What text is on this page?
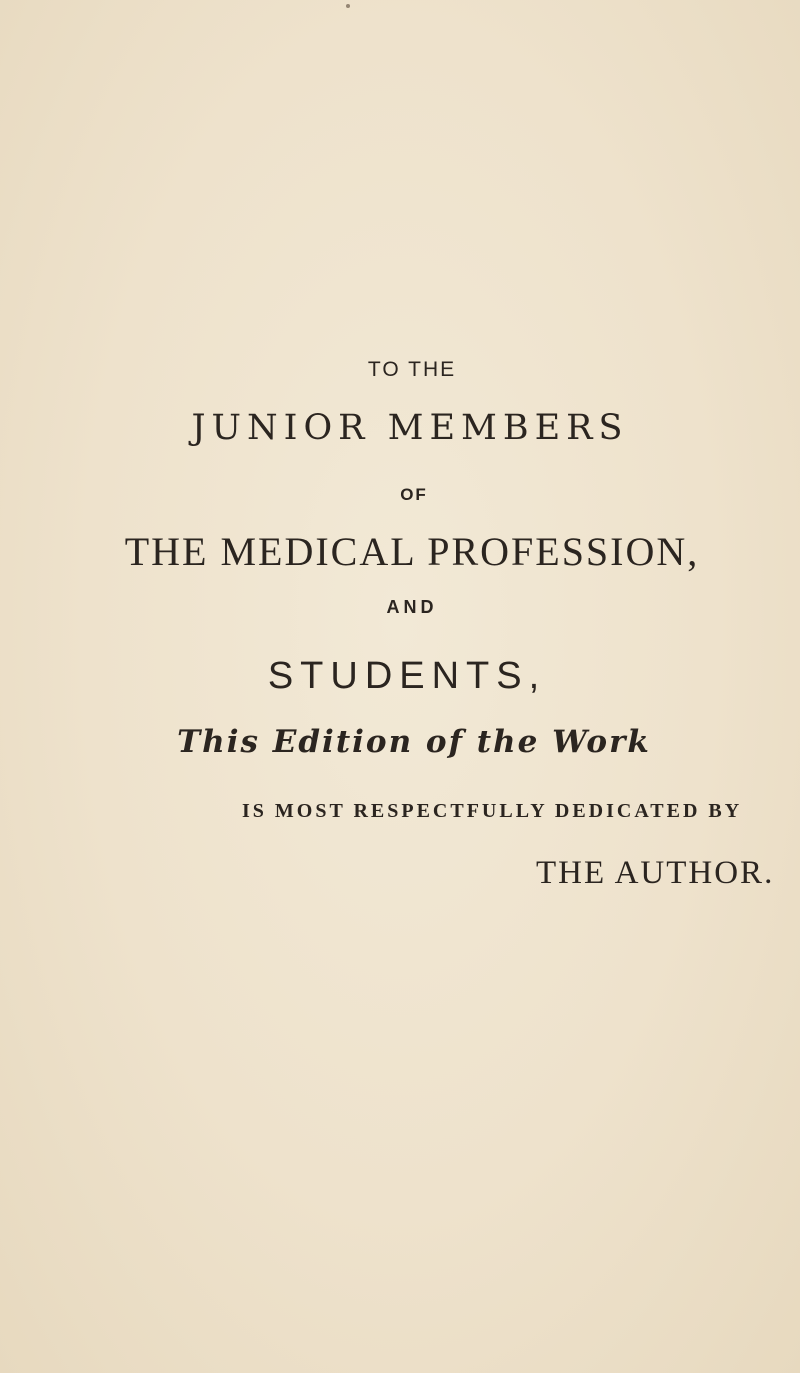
TO THE
JUNIOR MEMBERS
OF
THE MEDICAL PROFESSION,
AND
STUDENTS,
This Edition of the Work
IS MOST RESPECTFULLY DEDICATED BY
THE AUTHOR.
